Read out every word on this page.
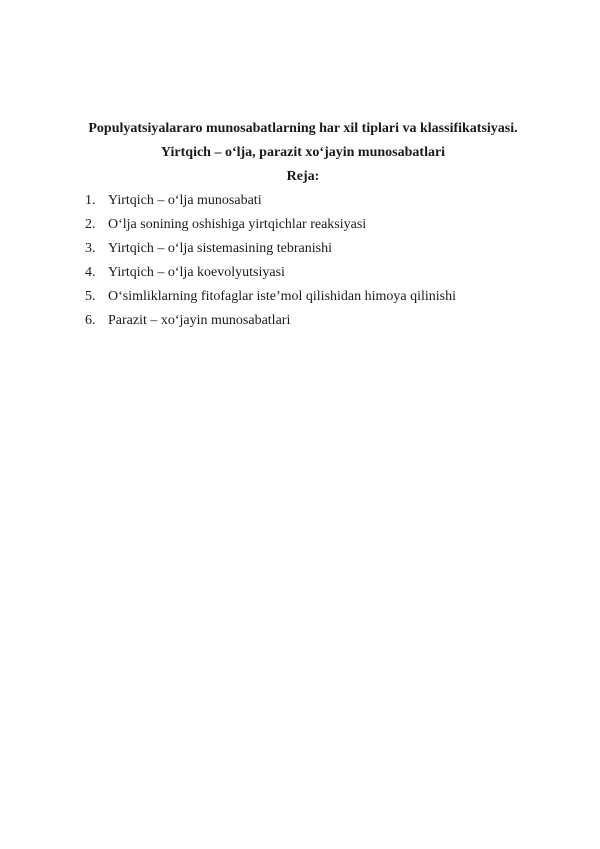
Populyatsiyalararo munosabatlarning har xil tiplari va klassifikatsiyasi.
Yirtqich – o‘lja, parazit xo‘jayin munosabatlari
Reja:
1. Yirtqich – o‘lja munosabati
2. O‘lja sonining oshishiga yirtqichlar reaksiyasi
3. Yirtqich – o‘lja sistemasining tebranishi
4. Yirtqich – o‘lja koevolyutsiyasi
5. O‘simliklarning fitofaglar iste’mol qilishidan himoya qilinishi
6. Parazit – xo‘jayin munosabatlari
